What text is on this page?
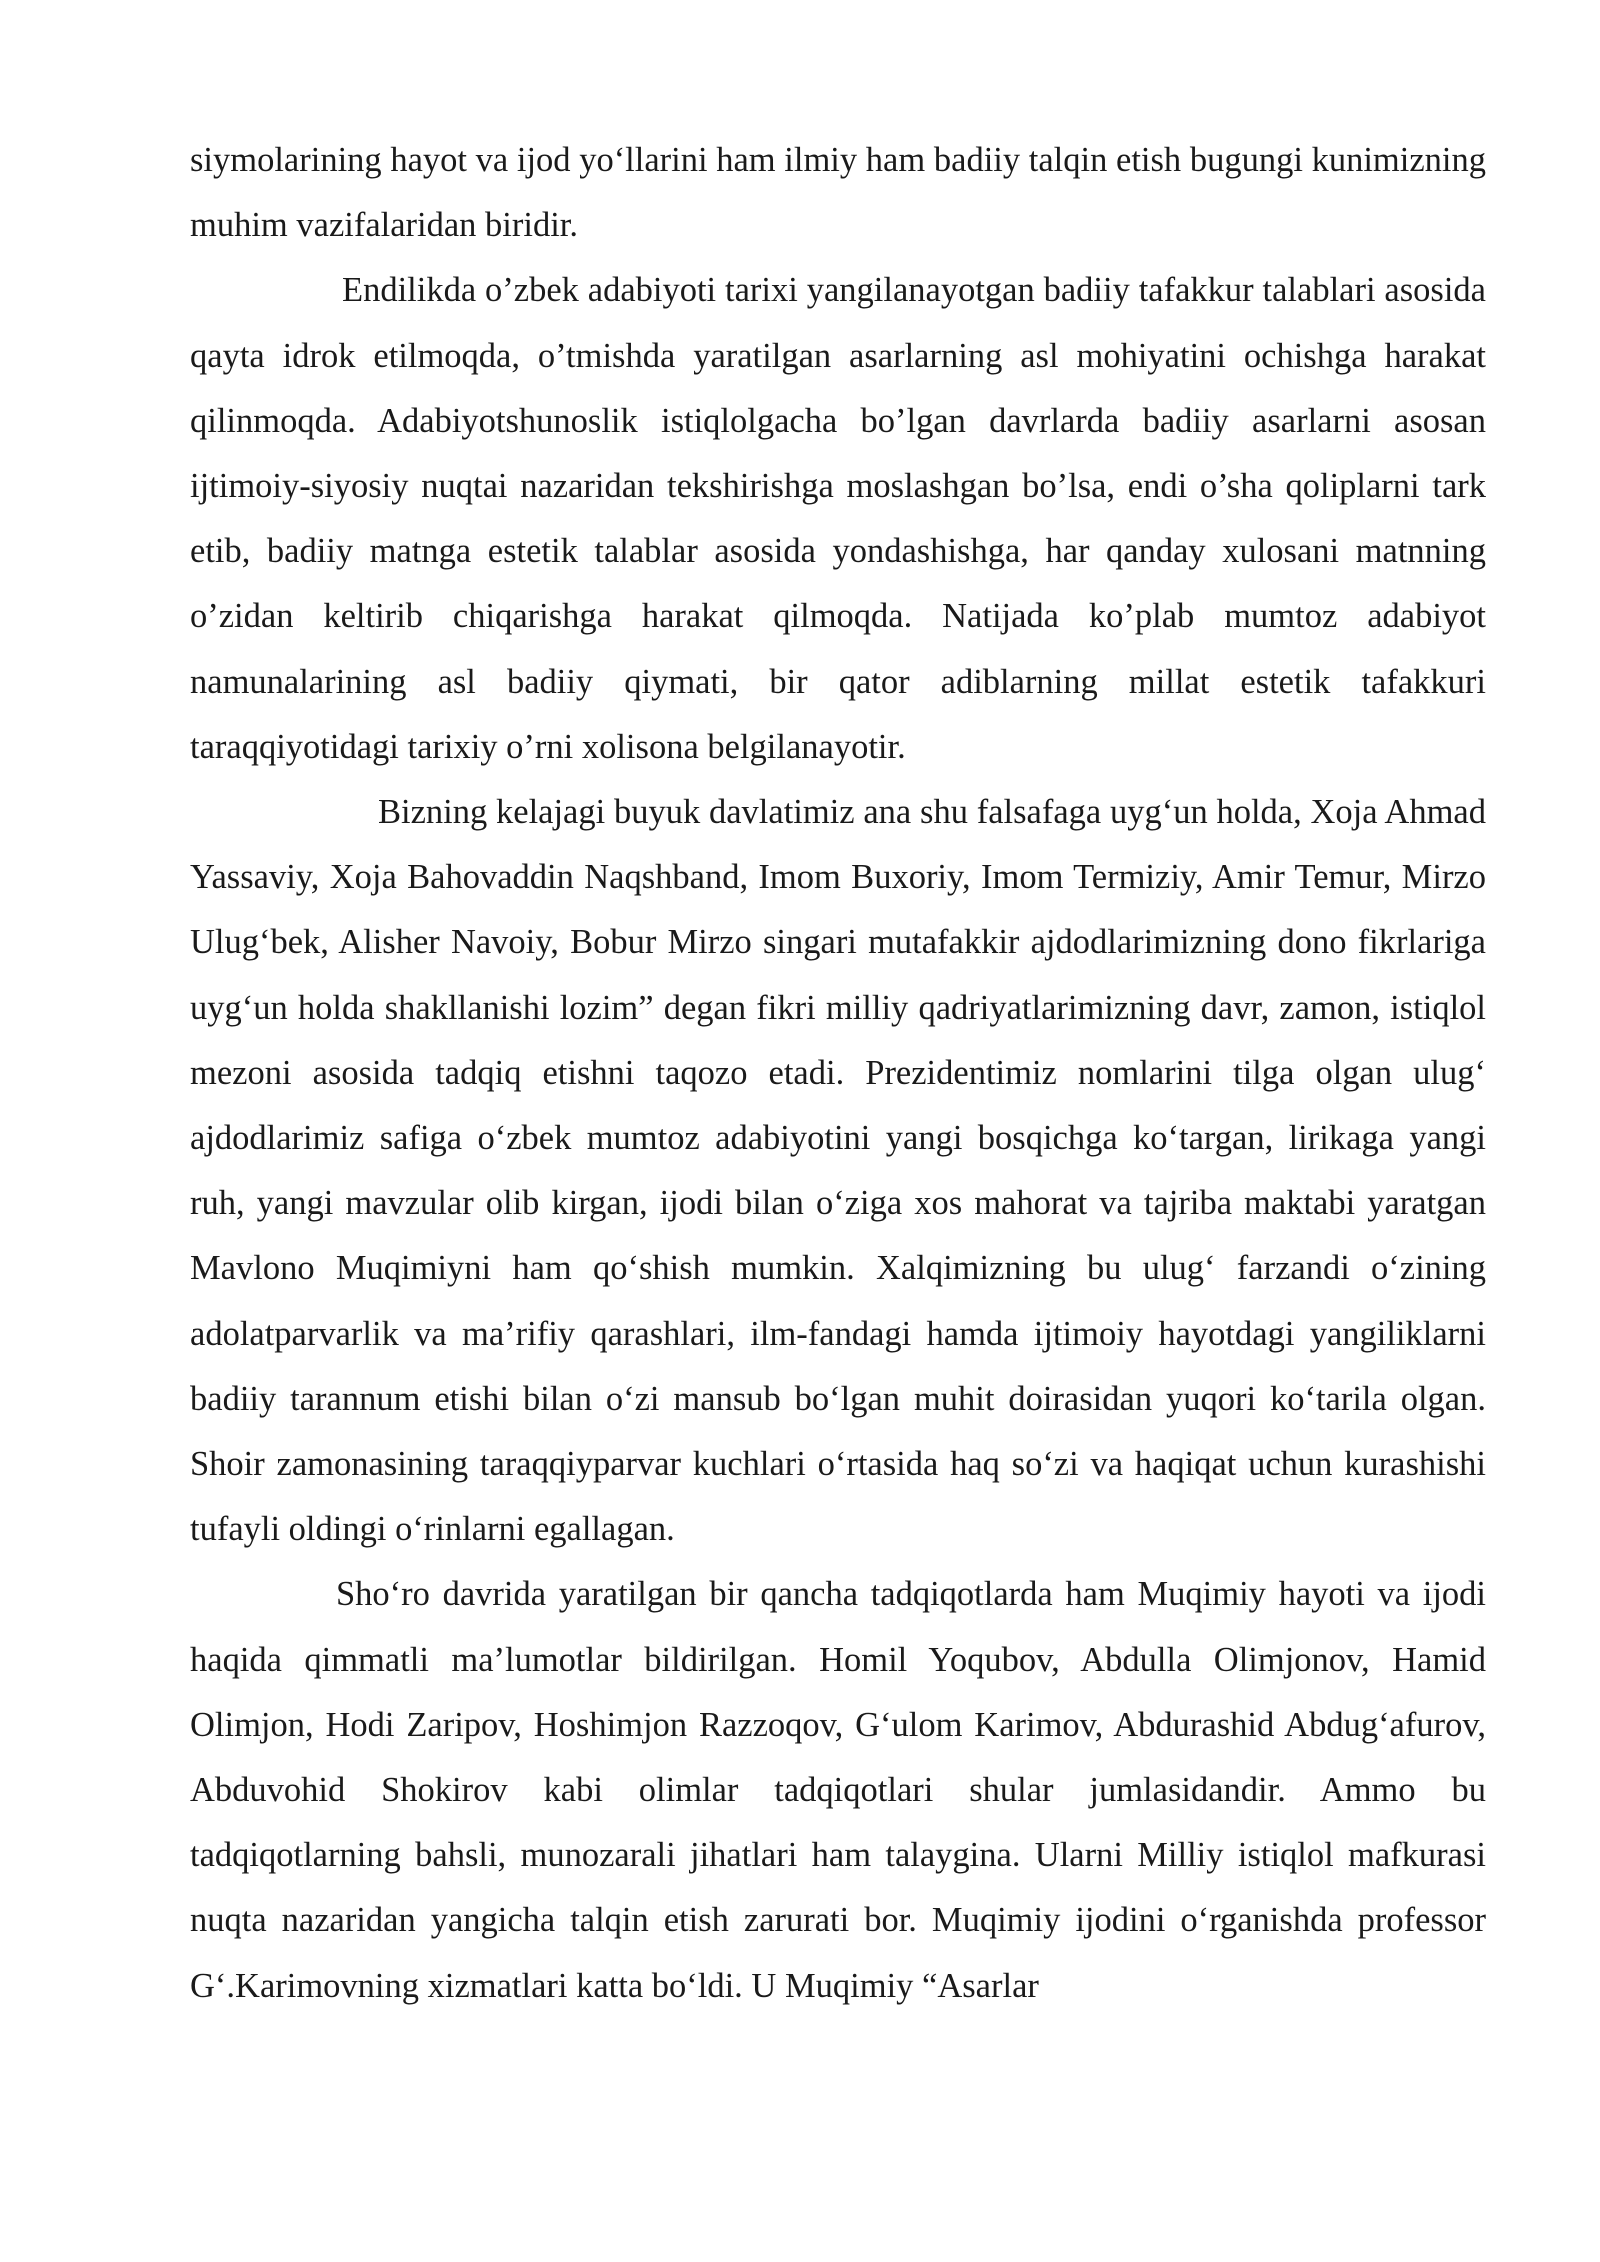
siymolarining hayot va ijod yo‘llarini ham ilmiy ham badiiy talqin etish bugungi kunimizning muhim vazifalaridan biridir.

Endilikda o’zbek adabiyoti tarixi yangilanayotgan badiiy tafakkur talablari asosida qayta idrok etilmoqda, o’tmishda yaratilgan asarlarning asl mohiyatini ochishga harakat qilinmoqda. Adabiyotshunoslik istiqlolgacha bo’lgan davrlarda badiiy asarlarni asosan ijtimoiy-siyosiy nuqtai nazaridan tekshirishga moslashgan bo’lsa, endi o’sha qoliplarni tark etib, badiiy matnga estetik talablar asosida yondashishga, har qanday xulosani matnning o’zidan keltirib chiqarishga harakat qilmoqda. Natijada ko’plab mumtoz adabiyot namunalarining asl badiiy qiymati, bir qator adiblarning millat estetik tafakkuri taraqqiyotidagi tarixiy o’rni xolisona belgilanayotir.

Bizning kelajagi buyuk davlatimiz ana shu falsafaga uyg‘un holda, Xoja Ahmad Yassaviy, Xoja Bahovaddin Naqshband, Imom Buxoriy, Imom Termiziy, Amir Temur, Mirzo Ulug‘bek, Alisher Navoiy, Bobur Mirzo singari mutafakkir ajdodlarimizning dono fikrlariga uyg‘un holda shakllanishi lozim” degan fikri milliy qadriyatlarimizning davr, zamon, istiqlol mezoni asosida tadqiq etishni taqozo etadi. Prezidentimiz nomlarini tilga olgan ulug‘ ajdodlarimiz safiga o‘zbek mumtoz adabiyotini yangi bosqichga ko‘targan, lirikaga yangi ruh, yangi mavzular olib kirgan, ijodi bilan o‘ziga xos mahorat va tajriba maktabi yaratgan Mavlono Muqimiyni ham qo‘shish mumkin. Xalqimizning bu ulug‘ farzandi o‘zining adolatparvarlik va ma’rifiy qarashlari, ilm-fandagi hamda ijtimoiy hayotdagi yangiliklarni badiiy tarannum etishi bilan o‘zi mansub bo‘lgan muhit doirasidan yuqori ko‘tarila olgan. Shoir zamonasining taraqqiyparvar kuchlari o‘rtasida haq so‘zi va haqiqat uchun kurashishi tufayli oldingi o‘rinlarni egallagan.

Sho‘ro davrida yaratilgan bir qancha tadqiqotlarda ham Muqimiy hayoti va ijodi haqida qimmatli ma’lumotlar bildirilgan. Homil Yoqubov, Abdulla Olimjonov, Hamid Olimjon, Hodi Zaripov, Hoshimjon Razzoqov, G‘ulom Karimov, Abdurashid Abdug‘afurov, Abduvohid Shokirov kabi olimlar tadqiqotlari shular jumlasidandir. Ammo bu tadqiqotlarning bahsli, munozarali jihatlari ham talaygina. Ularni Milliy istiqlol mafkurasi nuqta nazaridan yangicha talqin etish zarurati bor. Muqimiy ijodini o‘rganishda professor G‘.Karimovning xizmatlari katta bo‘ldi. U Muqimiy “Asarlar
